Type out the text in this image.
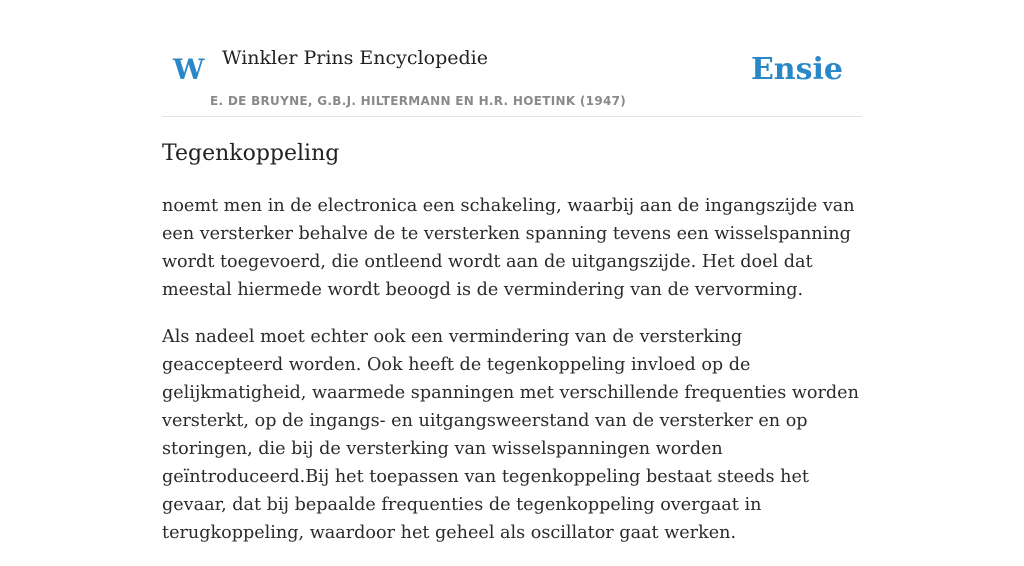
W Winkler Prins Encyclopedie
E. DE BRUYNE, G.B.J. HILTERMANN EN H.R. HOETINK (1947)
Ensie
Tegenkoppeling

noemt men in de electronica een schakeling, waarbij aan de ingangszijde van een versterker behalve de te versterken spanning tevens een wisselspanning wordt toegevoerd, die ontleend wordt aan de uitgangszijde. Het doel dat meestal hiermede wordt beoogd is de vermindering van de vervorming.

Als nadeel moet echter ook een vermindering van de versterking geaccepteerd worden. Ook heeft de tegenkoppeling invloed op de gelijkmatigheid, waarmede spanningen met verschillende frequenties worden versterkt, op de ingangs- en uitgangsweerstand van de versterker en op storingen, die bij de versterking van wisselspanningen worden geïntroduceerd.Bij het toepassen van tegenkoppeling bestaat steeds het gevaar, dat bij bepaalde frequenties de tegenkoppeling overgaat in terugkoppeling, waardoor het geheel als oscillator gaat werken.
